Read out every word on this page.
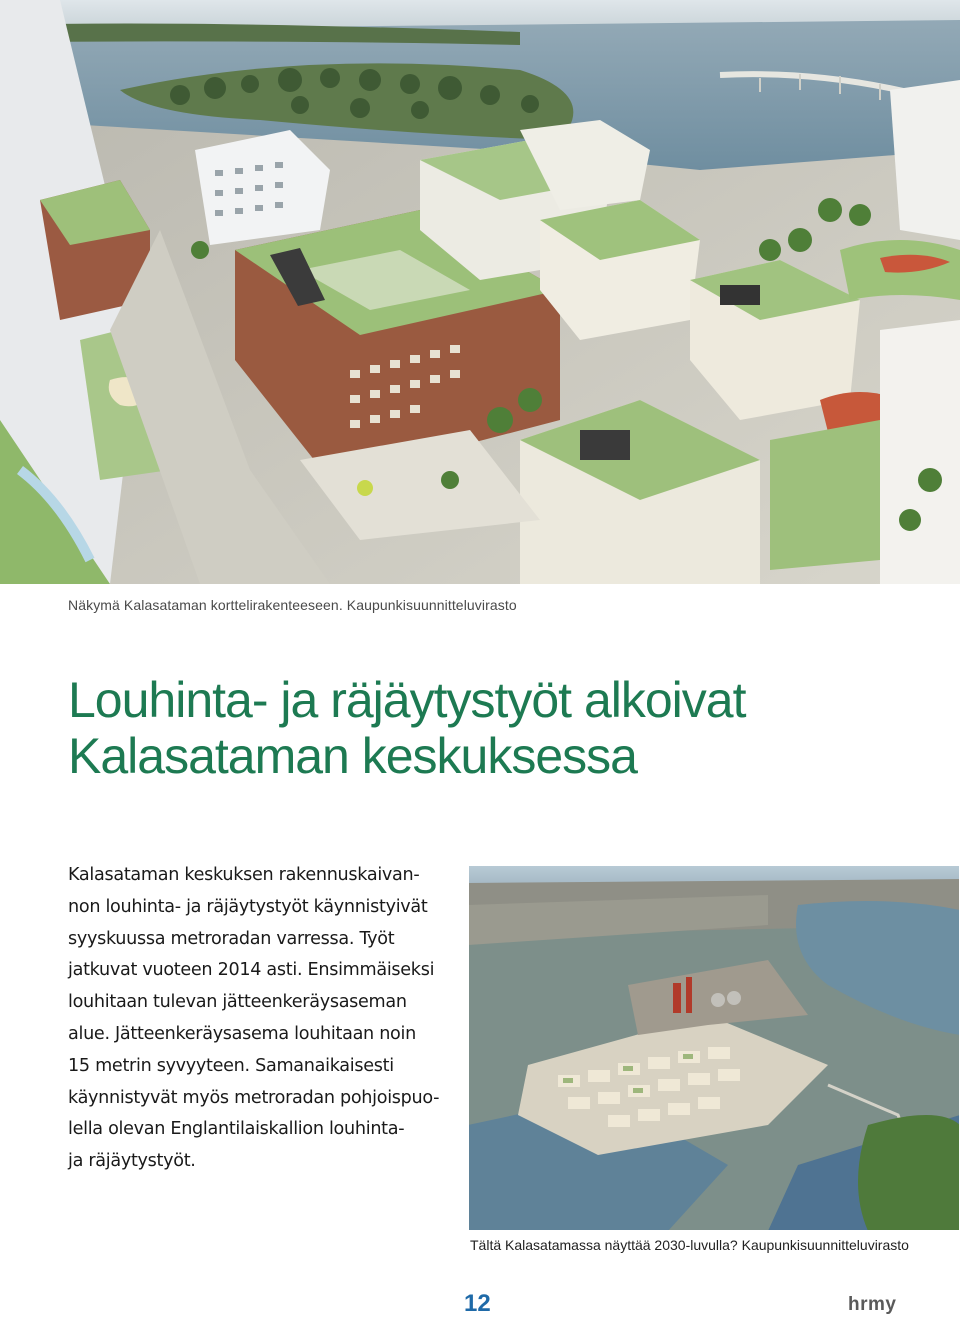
Näkymä Kalasataman korttelirakenteeseen. Kaupunkisuunnitteluvirasto
Louhinta- ja räjäytystyöt alkoivat
Kalasataman keskuksessa

Kalasataman keskuksen rakennuskaivan-
non louhinta- ja räjäytystyöt käynnistyivät
syyskuussa metroradan varressa. Työt
jatkuvat vuoteen 2014 asti. Ensimmäiseksi
louhitaan tulevan jätteenkeräysaseman
alue. Jätteenkeräysasema louhitaan noin
15 metrin syvyyteen. Samanaikaisesti
käynnistyvät myös metroradan pohjoispuo-
lella olevan Englantilaiskallion louhinta-
ja räjäytystyöt.

Tältä Kalasatamassa näyttää 2030-luvulla? Kaupunkisuunnitteluvirasto
12	hrmy
